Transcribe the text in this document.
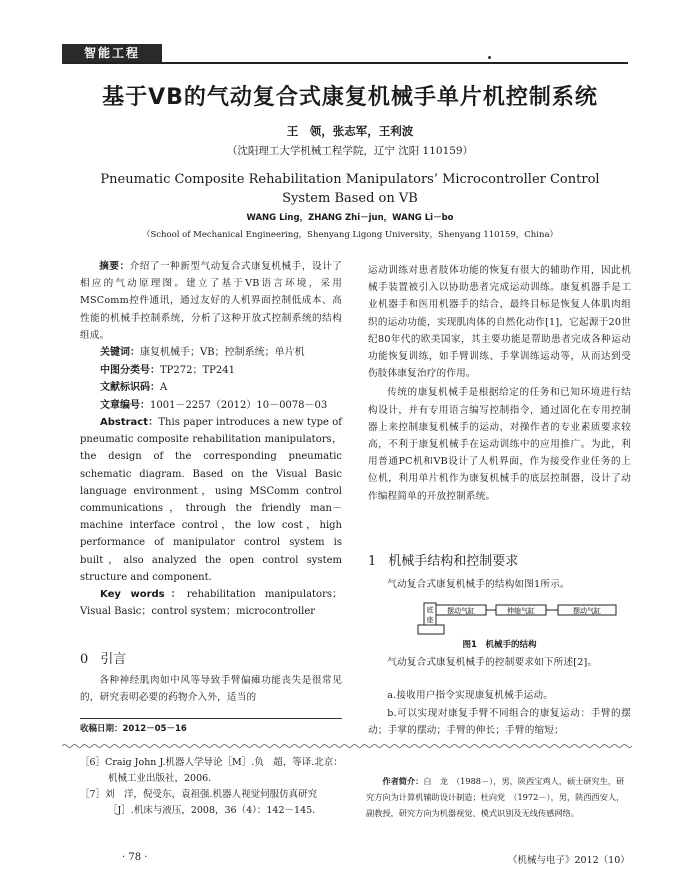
智能工程
基于VB的气动复合式康复机械手单片机控制系统
王　领，张志军，王利波
（沈阳理工大学机械工程学院，辽宁 沈阳 110159）
Pneumatic Composite Rehabilitation Manipulators’ Microcontroller Control
System Based on VB
WANG Ling，ZHANG Zhi－jun，WANG Li－bo
（School of Mechanical Engineering，Shenyang Ligong University，Shenyang 110159，China）

摘要：介绍了一种新型气动复合式康复机械手，设计了相应的气动原理图。建立了基于VB语言环境，采用MSComm控件通讯，通过友好的人机界面控制低成本、高性能的机械手控制系统，分析了这种开放式控制系统的结构组成。

关键词：康复机械手；VB；控制系统；单片机

中图分类号：TP272；TP241

文献标识码：A

文章编号：1001－2257（2012）10－0078－03

Abstract：This paper introduces a new type of pneumatic composite rehabilitation manipulators，the design of the corresponding pneumatic schematic diagram. Based on the Visual Basic language environment，using MSComm control communications，through the friendly man－machine interface control，the low cost，high performance of manipulator control system is built，also analyzed the open control system structure and component.

Key words：rehabilitation manipulators；Visual Basic；control system；microcontroller

0 引言
各种神经肌肉如中风等导致手臂偏瘫功能丧失是很常见的，研究表明必要的药物介入外，适当的
收稿日期：2012－05－16

运动训练对患者肢体功能的恢复有很大的辅助作用，因此机械手装置被引入以协助患者完成运动训练。康复机器手是工业机器手和医用机器手的结合，最终目标是恢复人体肌肉组织的运动功能，实现肌肉体的自然化动作[1]，它起源于20世纪80年代的欧美国家，其主要功能是帮助患者完成各种运动功能恢复训练，如手臂训练、手掌训练运动等，从而达到受伤肢体康复治疗的作用。

传统的康复机械手是根据给定的任务和已知环境进行结构设计，并有专用语言编写控制指令，通过固化在专用控制器上来控制康复机械手的运动，对操作者的专业素质要求较高，不利于康复机械手在运动训练中的应用推广。为此，利用普通PC机和VB设计了人机界面，作为接受作业任务的上位机，利用单片机作为康复机械手的底层控制器，设计了动作编程简单的开放控制系统。

1 机械手结构和控制要求
气动复合式康复机械手的结构如图1所示。
底
座
摆动气缸	伸缩气缸	摆动气缸
图1　机械手的结构
气动复合式康复机械手的控制要求如下所述[2]。
a.接收用户指令实现康复机械手运动。
b.可以实现对康复手臂不同组合的康复运动：手臂的摆动；手掌的摆动；手臂的伸长；手臂的缩短；
［6］Craig John J.机器人学导论［M］.负　超，等译.北京：
机械工业出版社，2006.
［7］刘　洋，倪受东，袁祖强.机器人视觉伺服仿真研究
［J］.机床与液压，2008，36（4）：142－145.
作者简介：白　龙　（1988－），男，陕西宝鸡人，硕士研究生，研究方向为计算机辅助设计制造；杜向党　（1972－），男，陕西西安人，副教授，研究方向为机器视觉、模式识别及无线传感网络。
· 78 ·	《机械与电子》2012（10）
